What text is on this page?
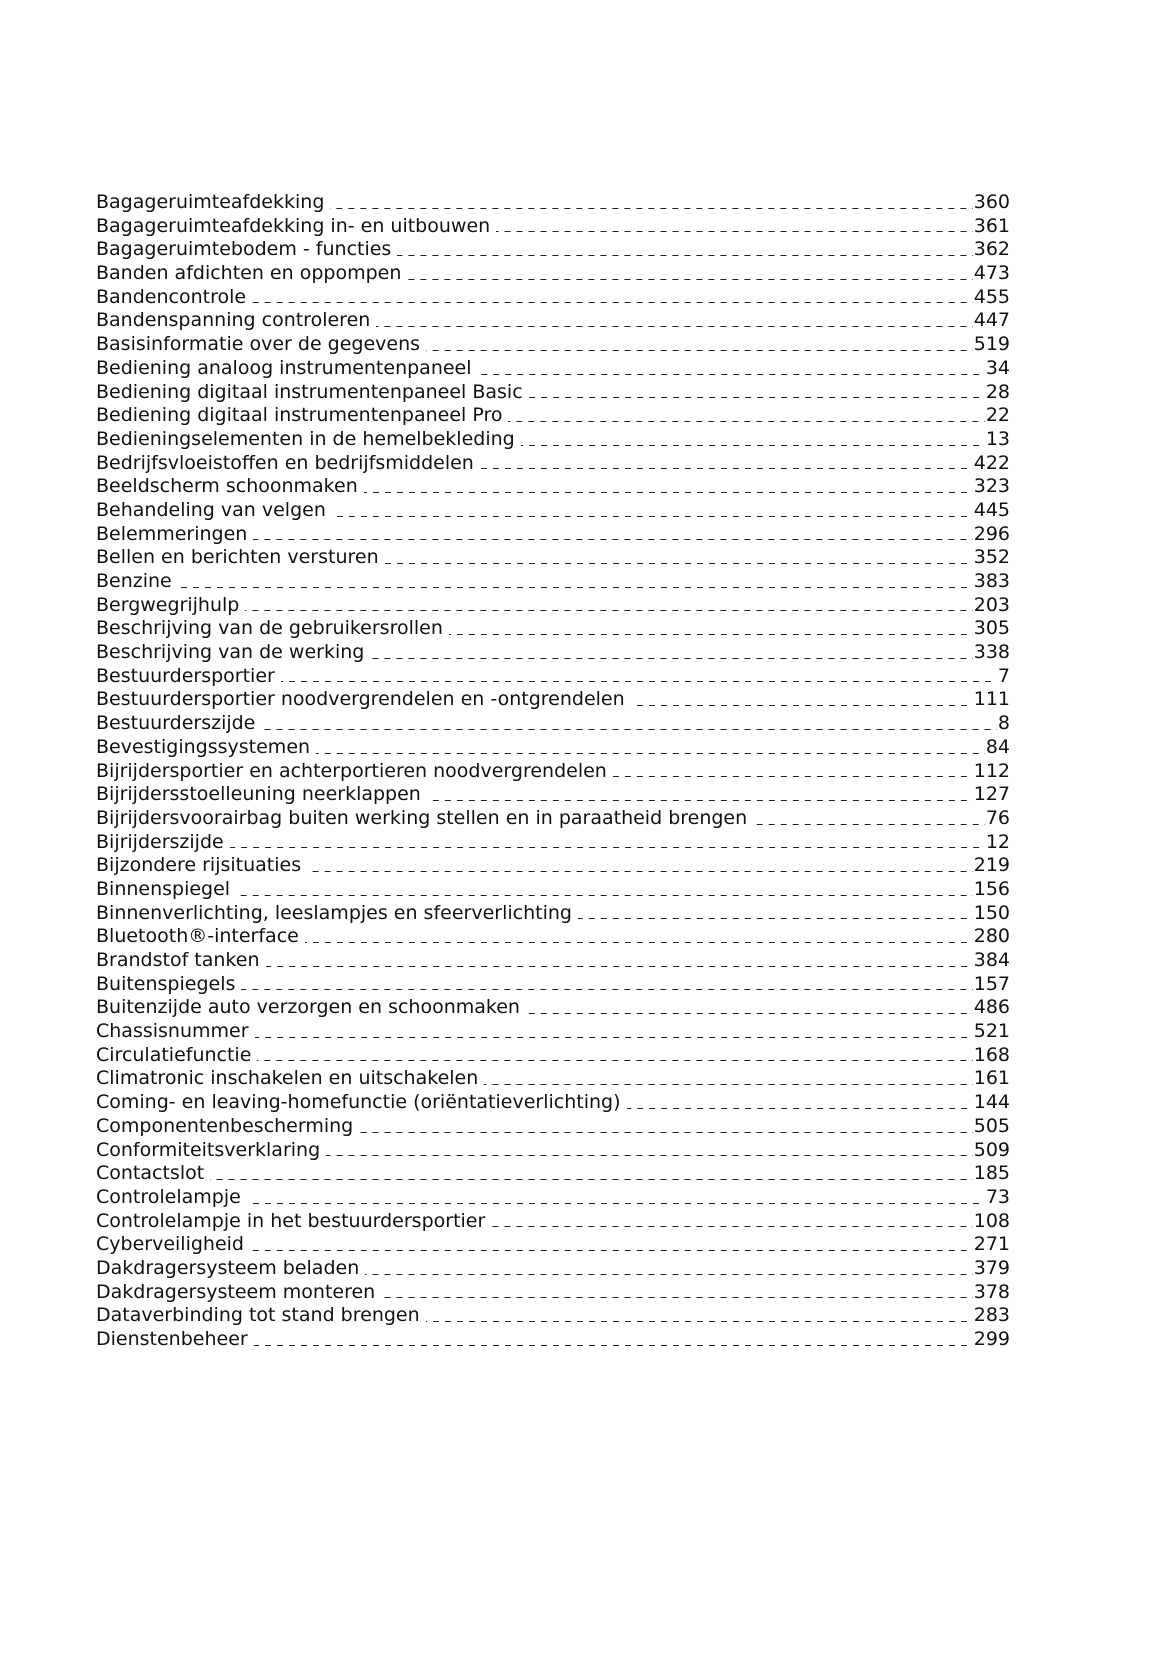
Bagageruimteafdekking	360
Bagageruimteafdekking in- en uitbouwen	361
Bagageruimtebodem - functies	362
Banden afdichten en oppompen	473
Bandencontrole	455
Bandenspanning controleren	447
Basisinformatie over de gegevens	519
Bediening analoog instrumentenpaneel	34
Bediening digitaal instrumentenpaneel Basic	28
Bediening digitaal instrumentenpaneel Pro	22
Bedieningselementen in de hemelbekleding	13
Bedrijfsvloeistoffen en bedrijfsmiddelen	422
Beeldscherm schoonmaken	323
Behandeling van velgen	445
Belemmeringen	296
Bellen en berichten versturen	352
Benzine	383
Bergwegrijhulp	203
Beschrijving van de gebruikersrollen	305
Beschrijving van de werking	338
Bestuurdersportier	7
Bestuurdersportier noodvergrendelen en -ontgrendelen	111
Bestuurderszijde	8
Bevestigingssystemen	84
Bijrijdersportier en achterportieren noodvergrendelen	112
Bijrijdersstoelleuning neerklappen	127
Bijrijdersvoorairbag buiten werking stellen en in paraatheid brengen	76
Bijrijderszijde	12
Bijzondere rijsituaties	219
Binnenspiegel	156
Binnenverlichting, leeslampjes en sfeerverlichting	150
Bluetooth®-interface	280
Brandstof tanken	384
Buitenspiegels	157
Buitenzijde auto verzorgen en schoonmaken	486
Chassisnummer	521
Circulatiefunctie	168
Climatronic inschakelen en uitschakelen	161
Coming- en leaving-homefunctie (oriëntatieverlichting)	144
Componentenbescherming	505
Conformiteitsverklaring	509
Contactslot	185
Controlelampje	73
Controlelampje in het bestuurdersportier	108
Cyberveiligheid	271
Dakdragersysteem beladen	379
Dakdragersysteem monteren	378
Dataverbinding tot stand brengen	283
Dienstenbeheer	299
